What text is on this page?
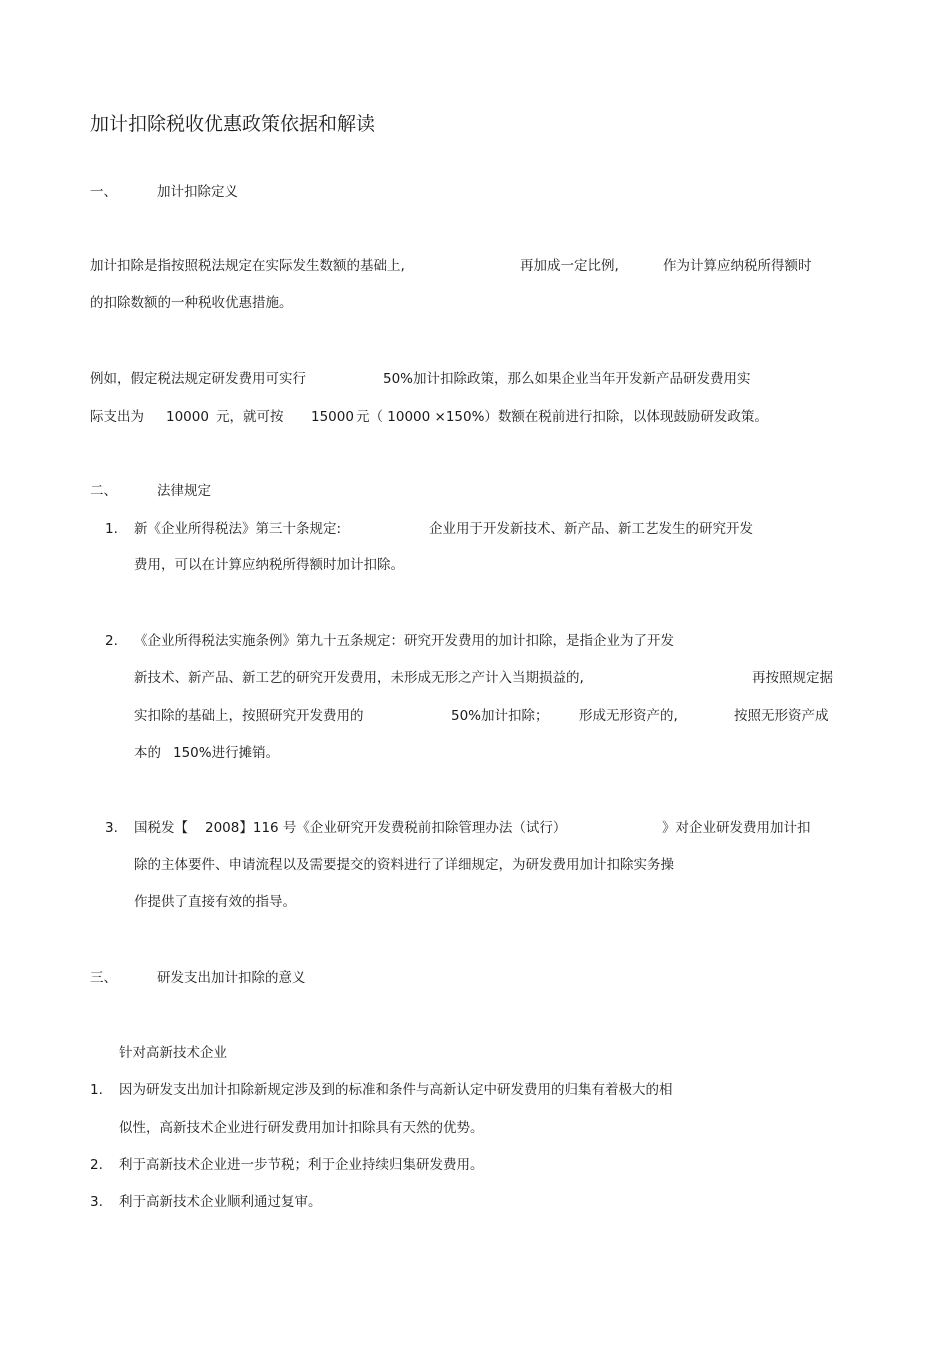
加计扣除税收优惠政策依据和解读
一、	加计扣除定义
加计扣除是指按照税法规定在实际发生数额的基础上,	再加成一定比例,	作为计算应纳税所得额时
的扣除数额的一种税收优惠措施。
例如，假定税法规定研发费用可实行	50%加计扣除政策，那么如果企业当年开发新产品研发费用实
际支出为 10000 元，就可按 15000 元（ 10000 ×150%）数额在税前进行扣除，以体现鼓励研发政策。
二、	法律规定
1. 新《企业所得税法》第三十条规定:	企业用于开发新技术、新产品、新工艺发生的研究开发
费用，可以在计算应纳税所得额时加计扣除。
2. 《企业所得税法实施条例》第九十五条规定：研究开发费用的加计扣除，是指企业为了开发
新技术、新产品、新工艺的研究开发费用，未形成无形之产计入当期损益的,	再按照规定据
实扣除的基础上，按照研究开发费用的	50%加计扣除； 形成无形资产的,	按照无形资产成
本的 150%进行摊销。
3. 国税发【 2008】116 号《企业研究开发费税前扣除管理办法（试行）	》对企业研发费用加计扣
除的主体要件、申请流程以及需要提交的资料进行了详细规定，为研发费用加计扣除实务操
作提供了直接有效的指导。
三、	研发支出加计扣除的意义
针对高新技术企业
1. 因为研发支出加计扣除新规定涉及到的标准和条件与高新认定中研发费用的归集有着极大的相
似性，高新技术企业进行研发费用加计扣除具有天然的优势。
2. 利于高新技术企业进一步节税；利于企业持续归集研发费用。
3. 利于高新技术企业顺利通过复审。
